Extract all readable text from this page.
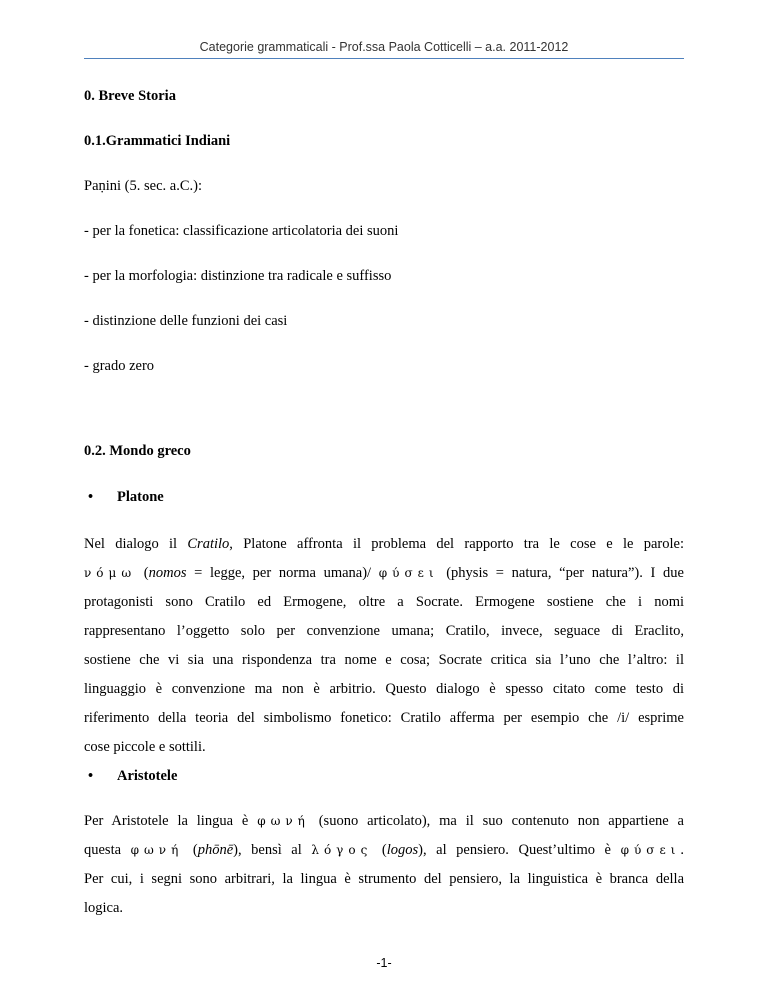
Categorie grammaticali - Prof.ssa Paola Cotticelli – a.a. 2011-2012
0. Breve Storia
0.1.Grammatici Indiani
Paṇini (5. sec. a.C.):
- per la fonetica: classificazione articolatoria dei suoni
- per la morfologia: distinzione tra radicale e suffisso
- distinzione delle funzioni dei casi
- grado zero
0.2. Mondo greco
• Platone
Nel dialogo il Cratilo, Platone affronta il problema del rapporto tra le cose e le parole:
νόμω (nomos = legge, per norma umana)/ φύσει (physis = natura, “per natura”). I due
protagonisti sono Cratilo ed Ermogene, oltre a Socrate. Ermogene sostiene che i nomi
rappresentano l’oggetto solo per convenzione umana; Cratilo, invece, seguace di Eraclito,
sostiene che vi sia una rispondenza tra nome e cosa; Socrate critica sia l’uno che l’altro: il
linguaggio è convenzione ma non è arbitrio. Questo dialogo è spesso citato come testo di
riferimento della teoria del simbolismo fonetico: Cratilo afferma per esempio che /i/ esprime
cose piccole e sottili.
• Aristotele
Per Aristotele la lingua è φωνή (suono articolato), ma il suo contenuto non appartiene a
questa φωνή (phōnē), bensì al λόγος (logos), al pensiero. Quest’ultimo è φύσει.
Per cui, i segni sono arbitrari, la lingua è strumento del pensiero, la linguistica è branca della
logica.
-1-
